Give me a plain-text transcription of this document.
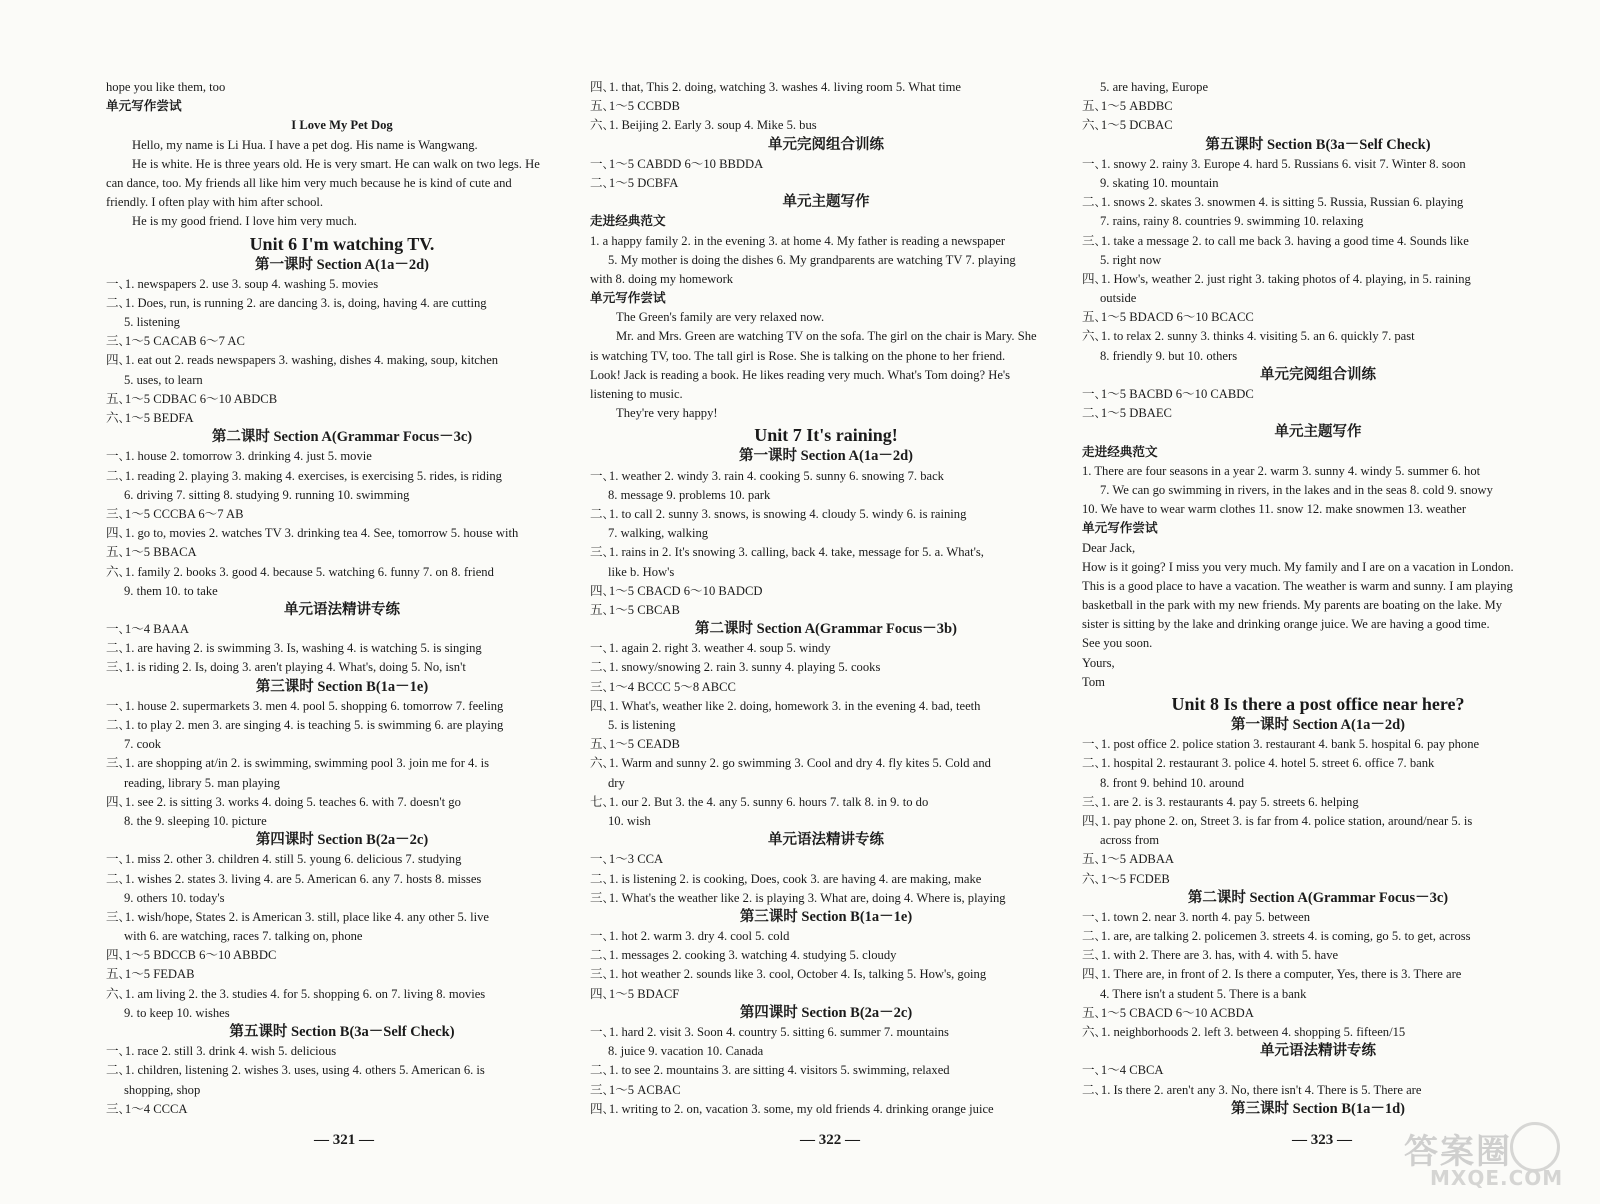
hope you like them, too
单元写作尝试
I Love My Pet Dog
Hello, my name is Li Hua. I have a pet dog. His name is Wangwang.
He is white. He is three years old. He is very smart. He can walk on two legs. He
can dance, too. My friends all like him very much because he is kind of cute and
friendly. I often play with him after school.
He is my good friend. I love him very much.
Unit 6 I'm watching TV.
第一课时 Section A(1a－2d)
一､1. newspapers 2. use 3. soup 4. washing 5. movies
二､1. Does, run, is running 2. are dancing 3. is, doing, having 4. are cutting
5. listening
三､1～5 CACAB 6～7 AC
四､1. eat out 2. reads newspapers 3. washing, dishes 4. making, soup, kitchen
5. uses, to learn
五､1～5 CDBAC 6～10 ABDCB
六､1～5 BEDFA
第二课时 Section A(Grammar Focus－3c)
一､1. house 2. tomorrow 3. drinking 4. just 5. movie
二､1. reading 2. playing 3. making 4. exercises, is exercising 5. rides, is riding
6. driving 7. sitting 8. studying 9. running 10. swimming
三､1～5 CCCBA 6～7 AB
四､1. go to, movies 2. watches TV 3. drinking tea 4. See, tomorrow 5. house with
五､1～5 BBACA
六､1. family 2. books 3. good 4. because 5. watching 6. funny 7. on 8. friend
9. them 10. to take
单元语法精讲专练
一､1～4 BAAA
二､1. are having 2. is swimming 3. Is, washing 4. is watching 5. is singing
三､1. is riding 2. Is, doing 3. aren't playing 4. What's, doing 5. No, isn't
第三课时 Section B(1a－1e)
一､1. house 2. supermarkets 3. men 4. pool 5. shopping 6. tomorrow 7. feeling
二､1. to play 2. men 3. are singing 4. is teaching 5. is swimming 6. are playing
7. cook
三､1. are shopping at/in 2. is swimming, swimming pool 3. join me for 4. is
reading, library 5. man playing
四､1. see 2. is sitting 3. works 4. doing 5. teaches 6. with 7. doesn't go
8. the 9. sleeping 10. picture
第四课时 Section B(2a－2c)
一､1. miss 2. other 3. children 4. still 5. young 6. delicious 7. studying
二､1. wishes 2. states 3. living 4. are 5. American 6. any 7. hosts 8. misses
9. others 10. today's
三､1. wish/hope, States 2. is American 3. still, place like 4. any other 5. live
with 6. are watching, races 7. talking on, phone
四､1～5 BDCCB 6～10 ABBDC
五､1～5 FEDAB
六､1. am living 2. the 3. studies 4. for 5. shopping 6. on 7. living 8. movies
9. to keep 10. wishes
第五课时 Section B(3a－Self Check)
一､1. race 2. still 3. drink 4. wish 5. delicious
二､1. children, listening 2. wishes 3. uses, using 4. others 5. American 6. is
shopping, shop
三､1～4 CCCA
四､1. that, This 2. doing, watching 3. washes 4. living room 5. What time
五､1～5 CCBDB
六､1. Beijing 2. Early 3. soup 4. Mike 5. bus
单元完阅组合训练
一､1～5 CABDD 6～10 BBDDA
二､1～5 DCBFA
单元主题写作
走进经典范文
1. a happy family 2. in the evening 3. at home 4. My father is reading a newspaper
5. My mother is doing the dishes 6. My grandparents are watching TV 7. playing
with 8. doing my homework
单元写作尝试
The Green's family are very relaxed now.
Mr. and Mrs. Green are watching TV on the sofa. The girl on the chair is Mary. She
is watching TV, too. The tall girl is Rose. She is talking on the phone to her friend.
Look! Jack is reading a book. He likes reading very much. What's Tom doing? He's
listening to music.
They're very happy!
Unit 7 It's raining!
第一课时 Section A(1a－2d)
一､1. weather 2. windy 3. rain 4. cooking 5. sunny 6. snowing 7. back
8. message 9. problems 10. park
二､1. to call 2. sunny 3. snows, is snowing 4. cloudy 5. windy 6. is raining
7. walking, walking
三､1. rains in 2. It's snowing 3. calling, back 4. take, message for 5. a. What's,
like b. How's
四､1～5 CBACD 6～10 BADCD
五､1～5 CBCAB
第二课时 Section A(Grammar Focus－3b)
一､1. again 2. right 3. weather 4. soup 5. windy
二､1. snowy/snowing 2. rain 3. sunny 4. playing 5. cooks
三､1～4 BCCC 5～8 ABCC
四､1. What's, weather like 2. doing, homework 3. in the evening 4. bad, teeth
5. is listening
五､1～5 CEADB
六､1. Warm and sunny 2. go swimming 3. Cool and dry 4. fly kites 5. Cold and
dry
七､1. our 2. But 3. the 4. any 5. sunny 6. hours 7. talk 8. in 9. to do
10. wish
单元语法精讲专练
一､1～3 CCA
二､1. is listening 2. is cooking, Does, cook 3. are having 4. are making, make
三､1. What's the weather like 2. is playing 3. What are, doing 4. Where is, playing
第三课时 Section B(1a－1e)
一､1. hot 2. warm 3. dry 4. cool 5. cold
二､1. messages 2. cooking 3. watching 4. studying 5. cloudy
三､1. hot weather 2. sounds like 3. cool, October 4. Is, talking 5. How's, going
四､1～5 BDACF
第四课时 Section B(2a－2c)
一､1. hard 2. visit 3. Soon 4. country 5. sitting 6. summer 7. mountains
8. juice 9. vacation 10. Canada
二､1. to see 2. mountains 3. are sitting 4. visitors 5. swimming, relaxed
三､1～5 ACBAC
四､1. writing to 2. on, vacation 3. some, my old friends 4. drinking orange juice
5. are having, Europe
五､1～5 ABDBC
六､1～5 DCBAC
第五课时 Section B(3a－Self Check)
一､1. snowy 2. rainy 3. Europe 4. hard 5. Russians 6. visit 7. Winter 8. soon
9. skating 10. mountain
二､1. snows 2. skates 3. snowmen 4. is sitting 5. Russia, Russian 6. playing
7. rains, rainy 8. countries 9. swimming 10. relaxing
三､1. take a message 2. to call me back 3. having a good time 4. Sounds like
5. right now
四､1. How's, weather 2. just right 3. taking photos of 4. playing, in 5. raining
outside
五､1～5 BDACD 6～10 BCACC
六､1. to relax 2. sunny 3. thinks 4. visiting 5. an 6. quickly 7. past
8. friendly 9. but 10. others
单元完阅组合训练
一､1～5 BACBD 6～10 CABDC
二､1～5 DBAEC
单元主题写作
走进经典范文
1. There are four seasons in a year 2. warm 3. sunny 4. windy 5. summer 6. hot
7. We can go swimming in rivers, in the lakes and in the seas 8. cold 9. snowy
10. We have to wear warm clothes 11. snow 12. make snowmen 13. weather
单元写作尝试
Dear Jack,
How is it going? I miss you very much. My family and I are on a vacation in London.
This is a good place to have a vacation. The weather is warm and sunny. I am playing
basketball in the park with my new friends. My parents are boating on the lake. My
sister is sitting by the lake and drinking orange juice. We are having a good time.
See you soon.
Yours,
Tom
Unit 8 Is there a post office near here?
第一课时 Section A(1a－2d)
一､1. post office 2. police station 3. restaurant 4. bank 5. hospital 6. pay phone
二､1. hospital 2. restaurant 3. police 4. hotel 5. street 6. office 7. bank
8. front 9. behind 10. around
三､1. are 2. is 3. restaurants 4. pay 5. streets 6. helping
四､1. pay phone 2. on, Street 3. is far from 4. police station, around/near 5. is
across from
五､1～5 ADBAA
六､1～5 FCDEB
第二课时 Section A(Grammar Focus－3c)
一､1. town 2. near 3. north 4. pay 5. between
二､1. are, are talking 2. policemen 3. streets 4. is coming, go 5. to get, across
三､1. with 2. There are 3. has, with 4. with 5. have
四､1. There are, in front of 2. Is there a computer, Yes, there is 3. There are
4. There isn't a student 5. There is a bank
五､1～5 CBACD 6～10 ACBDA
六､1. neighborhoods 2. left 3. between 4. shopping 5. fifteen/15
单元语法精讲专练
一､1～4 CBCA
二､1. Is there 2. aren't any 3. No, there isn't 4. There is 5. There are
第三课时 Section B(1a－1d)
— 321 —	— 322 —	— 323 —	答案圈
MXQE.COM
